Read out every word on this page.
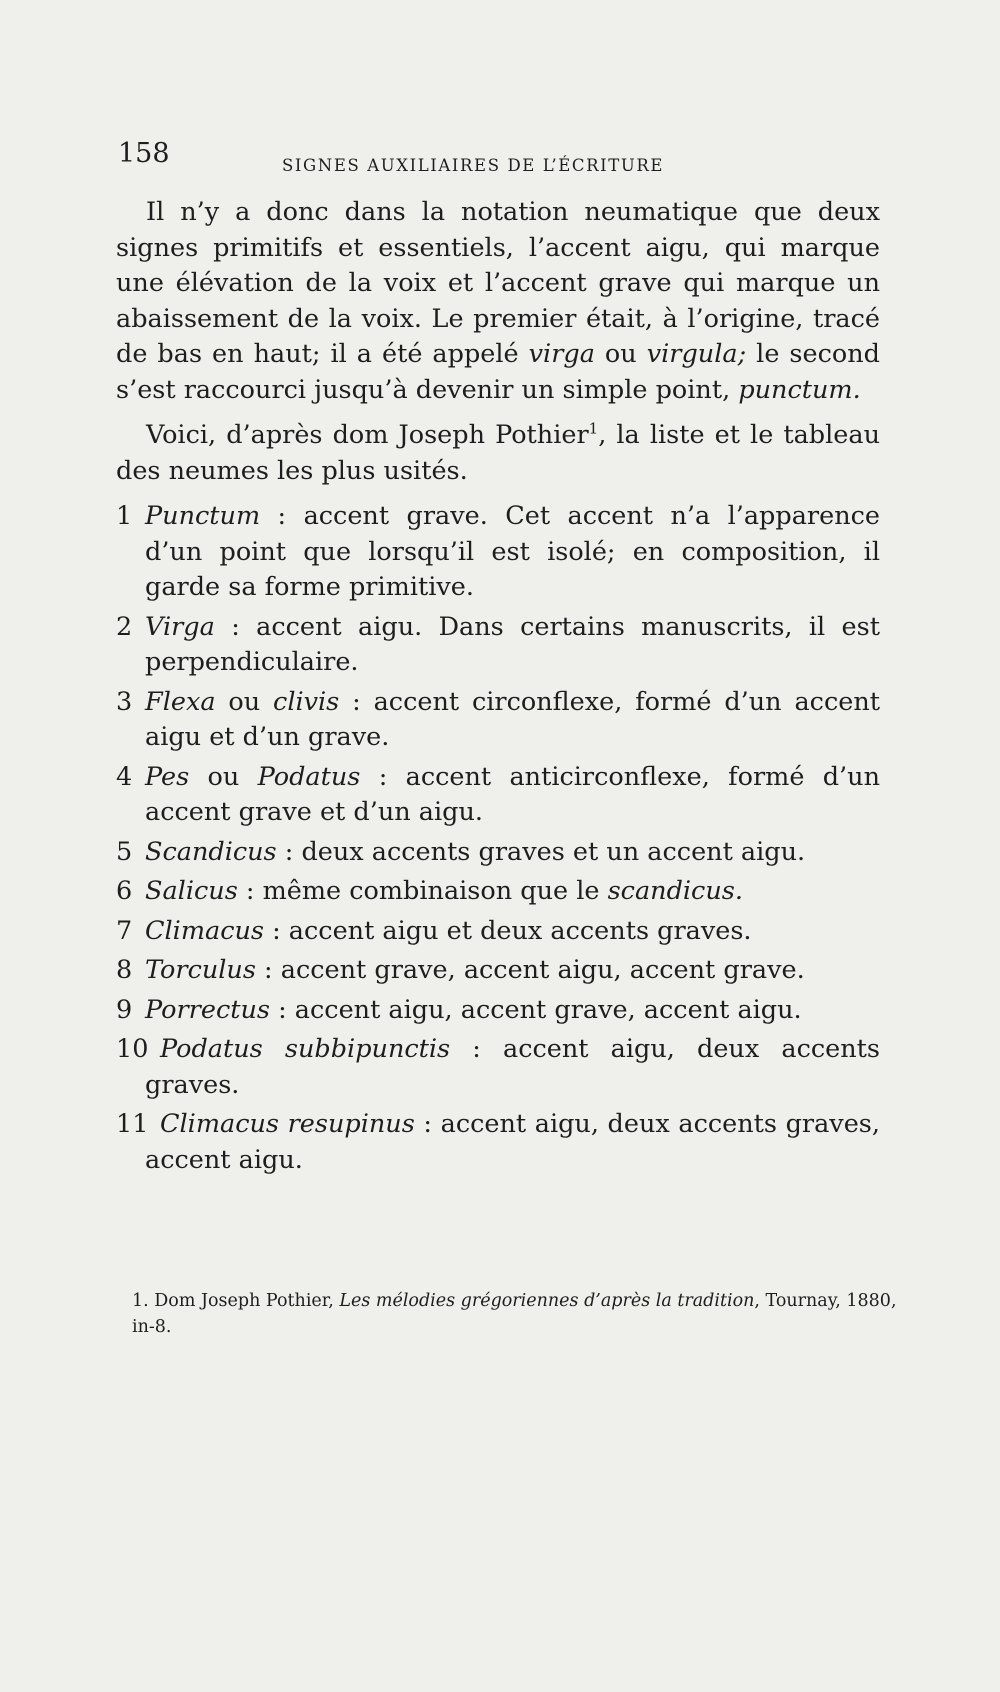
158	SIGNES AUXILIAIRES DE L’ÉCRITURE

Il n’y a donc dans la notation neumatique que deux signes primitifs et essentiels, l’accent aigu, qui marque une élévation de la voix et l’accent grave qui marque un abaissement de la voix. Le premier était, à l’origine, tracé de bas en haut; il a été appelé virga ou virgula; le second s’est raccourci jusqu’à devenir un simple point, punctum.

Voici, d’après dom Joseph Pothier$^1$, la liste et le tableau des neumes les plus usités.

1 Punctum : accent grave. Cet accent n’a l’apparence d’un point que lorsqu’il est isolé; en composition, il garde sa forme primitive.
2 Virga : accent aigu. Dans certains manuscrits, il est perpendiculaire.
3 Flexa ou clivis : accent circonflexe, formé d’un accent aigu et d’un grave.
4 Pes ou Podatus : accent anticirconflexe, formé d’un accent grave et d’un aigu.
5 Scandicus : deux accents graves et un accent aigu.
6 Salicus : même combinaison que le scandicus.
7 Climacus : accent aigu et deux accents graves.
8 Torculus : accent grave, accent aigu, accent grave.
9 Porrectus : accent aigu, accent grave, accent aigu.
10 Podatus subbipunctis : accent aigu, deux accents graves.
11 Climacus resupinus : accent aigu, deux accents graves, accent aigu.
1. Dom Joseph Pothier, Les mélodies grégoriennes d’après la tradition, Tournay, 1880, in-8.
